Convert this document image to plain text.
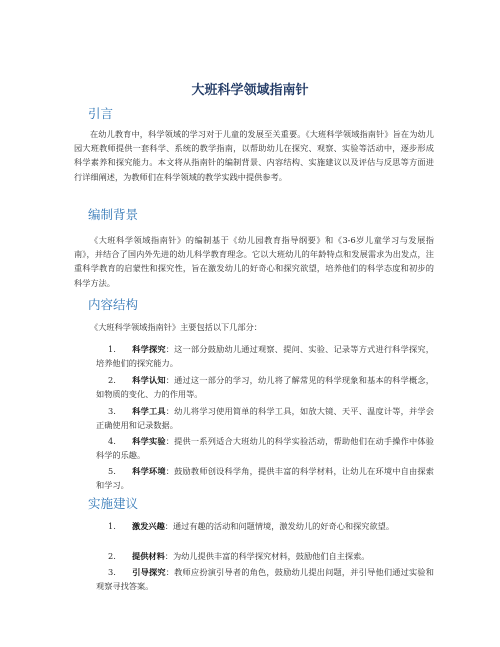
大班科学领域指南针
引言

在幼儿教育中，科学领域的学习对于儿童的发展至关重要。《大班科学领域指南针》旨在为幼儿园大班教师提供一套科学、系统的教学指南，以帮助幼儿在探究、观察、实验等活动中，逐步形成科学素养和探究能力。本文将从指南针的编制背景、内容结构、实施建议以及评估与反思等方面进行详细阐述，为教师们在科学领域的教学实践中提供参考。

编制背景

《大班科学领域指南针》的编制基于《幼儿园教育指导纲要》和《3-6岁儿童学习与发展指南》，并结合了国内外先进的幼儿科学教育理念。它以大班幼儿的年龄特点和发展需求为出发点，注重科学教育的启蒙性和探究性，旨在激发幼儿的好奇心和探究欲望，培养他们的科学态度和初步的科学方法。

内容结构

《大班科学领域指南针》主要包括以下几部分：

1. 科学探究：这一部分鼓励幼儿通过观察、提问、实验、记录等方式进行科学探究，培养他们的探究能力。

2. 科学认知：通过这一部分的学习，幼儿将了解常见的科学现象和基本的科学概念，如物质的变化、力的作用等。

3. 科学工具：幼儿将学习使用简单的科学工具，如放大镜、天平、温度计等，并学会正确使用和记录数据。

4. 科学实验：提供一系列适合大班幼儿的科学实验活动，帮助他们在动手操作中体验科学的乐趣。

5. 科学环境：鼓励教师创设科学角，提供丰富的科学材料，让幼儿在环境中自由探索和学习。

实施建议

1. 激发兴趣：通过有趣的活动和问题情境，激发幼儿的好奇心和探究欲望。

2. 提供材料：为幼儿提供丰富的科学探究材料，鼓励他们自主探索。

3. 引导探究：教师应扮演引导者的角色，鼓励幼儿提出问题，并引导他们通过实验和观察寻找答案。
